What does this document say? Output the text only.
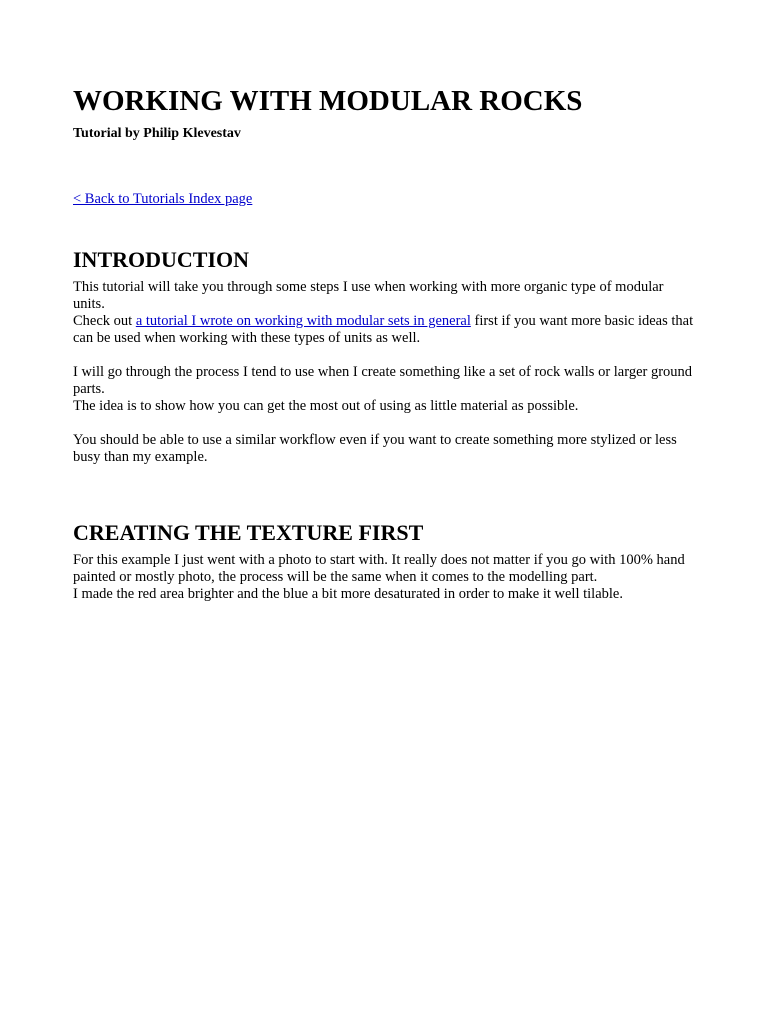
WORKING WITH MODULAR ROCKS

Tutorial by Philip Klevestav

< Back to Tutorials Index page
INTRODUCTION

This tutorial will take you through some steps I use when working with more organic type of modular units.

Check out a tutorial I wrote on working with modular sets in general first if you want more basic ideas that can be used when working with these types of units as well.

I will go through the process I tend to use when I create something like a set of rock walls or larger ground parts.

The idea is to show how you can get the most out of using as little material as possible.

You should be able to use a similar workflow even if you want to create something more stylized or less busy than my example.

CREATING THE TEXTURE FIRST

For this example I just went with a photo to start with. It really does not matter if you go with 100% hand painted or mostly photo, the process will be the same when it comes to the modelling part.

I made the red area brighter and the blue a bit more desaturated in order to make it well tilable.
